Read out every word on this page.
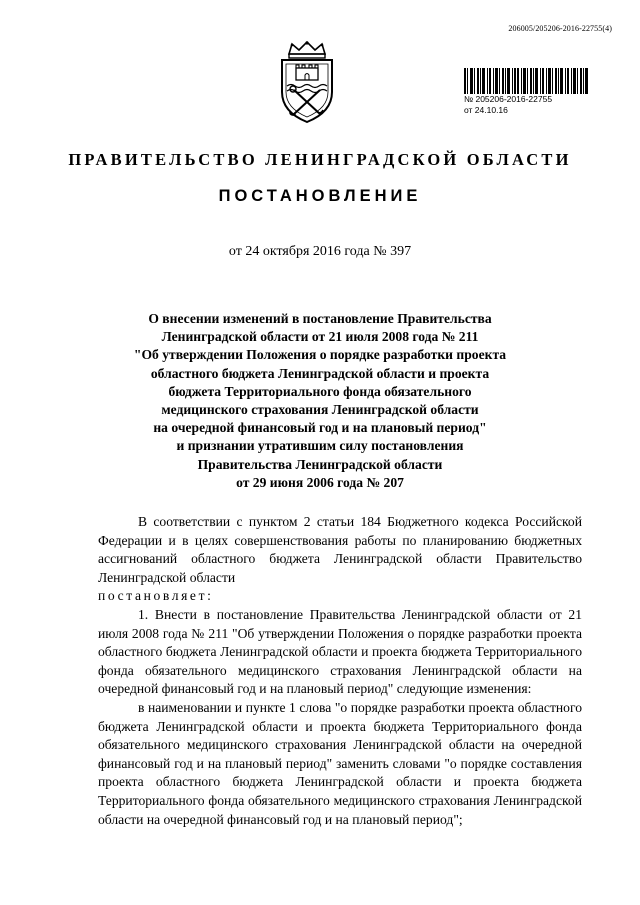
206005/205206-2016-22755(4)
№ 205206-2016-22755
от 24.10.16
ПРАВИТЕЛЬСТВО ЛЕНИНГРАДСКОЙ ОБЛАСТИ
ПОСТАНОВЛЕНИЕ
от 24 октября 2016 года № 397
О внесении изменений в постановление Правительства
Ленинградской области от 21 июля 2008 года № 211
"Об утверждении Положения о порядке разработки проекта
областного бюджета Ленинградской области и проекта
бюджета Территориального фонда обязательного
медицинского страхования Ленинградской области
на очередной финансовый год и на плановый период"
и признании утратившим силу постановления
Правительства Ленинградской области
от 29 июня 2006 года № 207

В соответствии с пунктом 2 статьи 184 Бюджетного кодекса Российской Федерации и в целях совершенствования работы по планированию бюджетных ассигнований областного бюджета Ленинградской области Правительство Ленинградской области

постановляет:

1. Внести в постановление Правительства Ленинградской области от 21 июля 2008 года № 211 "Об утверждении Положения о порядке разработки проекта областного бюджета Ленинградской области и проекта бюджета Территориального фонда обязательного медицинского страхования Ленинградской области на очередной финансовый год и на плановый период" следующие изменения:

в наименовании и пункте 1 слова "о порядке разработки проекта областного бюджета Ленинградской области и проекта бюджета Территориального фонда обязательного медицинского страхования Ленинградской области на очередной финансовый год и на плановый период" заменить словами "о порядке составления проекта областного бюджета Ленинградской области и проекта бюджета Территориального фонда обязательного медицинского страхования Ленинградской области на очередной финансовый год и на плановый период";
